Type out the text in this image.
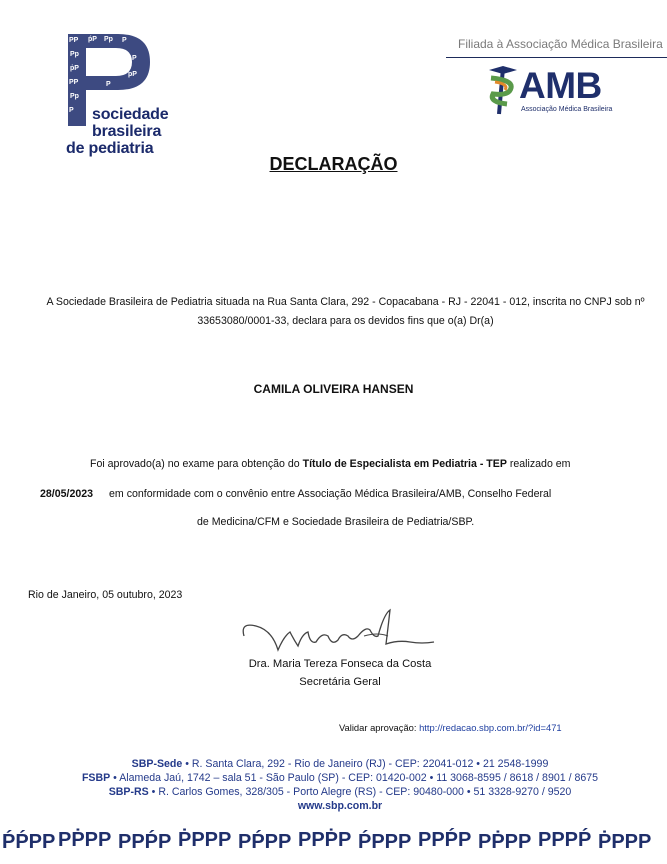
PP ṕP Pp P
Pp
ṗP
PP
Pp
P
P
pP
P
sociedade
brasileira
de pediatria
Filiada à Associação Médica Brasileira
AMB
Associação Médica Brasileira
DECLARAÇÃO
A Sociedade Brasileira de Pediatria situada na Rua Santa Clara, 292 - Copacabana - RJ - 22041 - 012, inscrita no CNPJ sob nº 33653080/0001-33, declara para os devidos fins que o(a) Dr(a)
CAMILA OLIVEIRA HANSEN
Foi aprovado(a) no exame para obtenção do Título de Especialista em Pediatria - TEP realizado em
28/05/2023 em conformidade com o convênio entre Associação Médica Brasileira/AMB, Conselho Federal
de Medicina/CFM e Sociedade Brasileira de Pediatria/SBP.
Rio de Janeiro, 05 outubro, 2023
Dra. Maria Tereza Fonseca da Costa
Secretária Geral
Validar aprovação: http://redacao.sbp.com.br/?id=471
SBP-Sede • R. Santa Clara, 292 - Rio de Janeiro (RJ) - CEP: 22041-012 • 21 2548-1999
FSBP • Alameda Jaú, 1742 – sala 51 - São Paulo (SP) - CEP: 01420-002 • 11 3068-8595 / 8618 / 8901 / 8675
SBP-RS • R. Carlos Gomes, 328/305 - Porto Alegre (RS) - CEP: 90480-000 • 51 3328-9270 / 9520
www.sbp.com.br
ṔṔPP PṖPP PPṔP ṖPPP PṔPP PPṖP ṔPPP PPṔP PṖPP PPPṔ ṖPPP
